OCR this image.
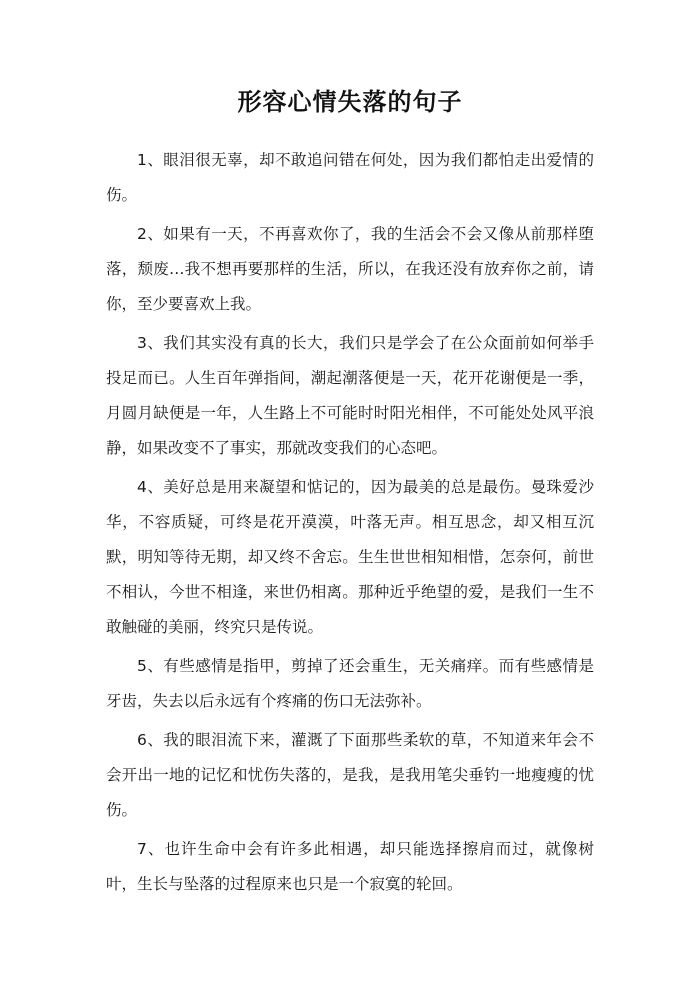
形容心情失落的句子

1、眼泪很无辜，却不敢追问错在何处，因为我们都怕走出爱情的伤。

2、如果有一天，不再喜欢你了，我的生活会不会又像从前那样堕落，颓废…我不想再要那样的生活，所以，在我还没有放弃你之前，请你，至少要喜欢上我。

3、我们其实没有真的长大，我们只是学会了在公众面前如何举手投足而已。人生百年弹指间，潮起潮落便是一天，花开花谢便是一季，月圆月缺便是一年，人生路上不可能时时阳光相伴，不可能处处风平浪静，如果改变不了事实，那就改变我们的心态吧。

4、美好总是用来凝望和惦记的，因为最美的总是最伤。曼珠爱沙华，不容质疑，可终是花开漠漠，叶落无声。相互思念，却又相互沉默，明知等待无期，却又终不舍忘。生生世世相知相惜，怎奈何，前世不相认，今世不相逢，来世仍相离。那种近乎绝望的爱，是我们一生不敢触碰的美丽，终究只是传说。

5、有些感情是指甲，剪掉了还会重生，无关痛痒。而有些感情是牙齿，失去以后永远有个疼痛的伤口无法弥补。

6、我的眼泪流下来，灌溉了下面那些柔软的草，不知道来年会不会开出一地的记忆和忧伤失落的，是我，是我用笔尖垂钓一地瘦瘦的忧伤。

7、也许生命中会有许多此相遇，却只能选择擦肩而过，就像树叶，生长与坠落的过程原来也只是一个寂寞的轮回。
